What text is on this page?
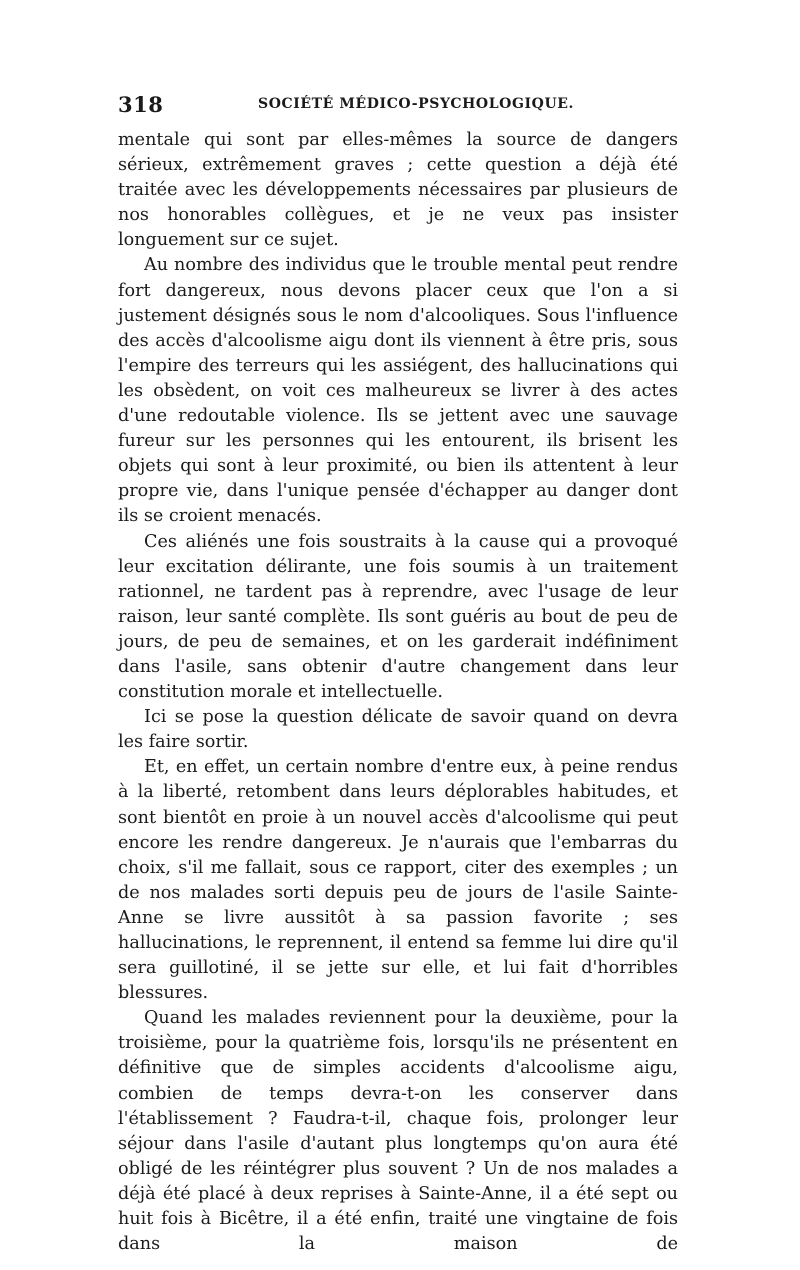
318	SOCIÉTÉ MÉDICO-PSYCHOLOGIQUE.

mentale qui sont par elles-mêmes la source de dangers sérieux, extrêmement graves ; cette question a déjà été traitée avec les développements nécessaires par plusieurs de nos honorables collègues, et je ne veux pas insister longuement sur ce sujet.

Au nombre des individus que le trouble mental peut rendre fort dangereux, nous devons placer ceux que l'on a si justement désignés sous le nom d'alcooliques. Sous l'influence des accès d'alcoolisme aigu dont ils viennent à être pris, sous l'empire des terreurs qui les assiégent, des hallucinations qui les obsèdent, on voit ces malheureux se livrer à des actes d'une redoutable violence. Ils se jettent avec une sauvage fureur sur les personnes qui les entourent, ils brisent les objets qui sont à leur proximité, ou bien ils attentent à leur propre vie, dans l'unique pensée d'échapper au danger dont ils se croient menacés.

Ces aliénés une fois soustraits à la cause qui a provoqué leur excitation délirante, une fois soumis à un traitement rationnel, ne tardent pas à reprendre, avec l'usage de leur raison, leur santé complète. Ils sont guéris au bout de peu de jours, de peu de semaines, et on les garderait indéfiniment dans l'asile, sans obtenir d'autre changement dans leur constitution morale et intellectuelle.

Ici se pose la question délicate de savoir quand on devra les faire sortir.

Et, en effet, un certain nombre d'entre eux, à peine rendus à la liberté, retombent dans leurs déplorables habitudes, et sont bientôt en proie à un nouvel accès d'alcoolisme qui peut encore les rendre dangereux. Je n'aurais que l'embarras du choix, s'il me fallait, sous ce rapport, citer des exemples ; un de nos malades sorti depuis peu de jours de l'asile Sainte-Anne se livre aussitôt à sa passion favorite ; ses hallucinations, le reprennent, il entend sa femme lui dire qu'il sera guillotiné, il se jette sur elle, et lui fait d'horribles blessures.

Quand les malades reviennent pour la deuxième, pour la troisième, pour la quatrième fois, lorsqu'ils ne présentent en définitive que de simples accidents d'alcoolisme aigu, combien de temps devra-t-on les conserver dans l'établissement ? Faudra-t-il, chaque fois, prolonger leur séjour dans l'asile d'autant plus longtemps qu'on aura été obligé de les réintégrer plus souvent ? Un de nos malades a déjà été placé à deux reprises à Sainte-Anne, il a été sept ou huit fois à Bicêtre, il a été enfin, traité une vingtaine de fois dans la maison de
